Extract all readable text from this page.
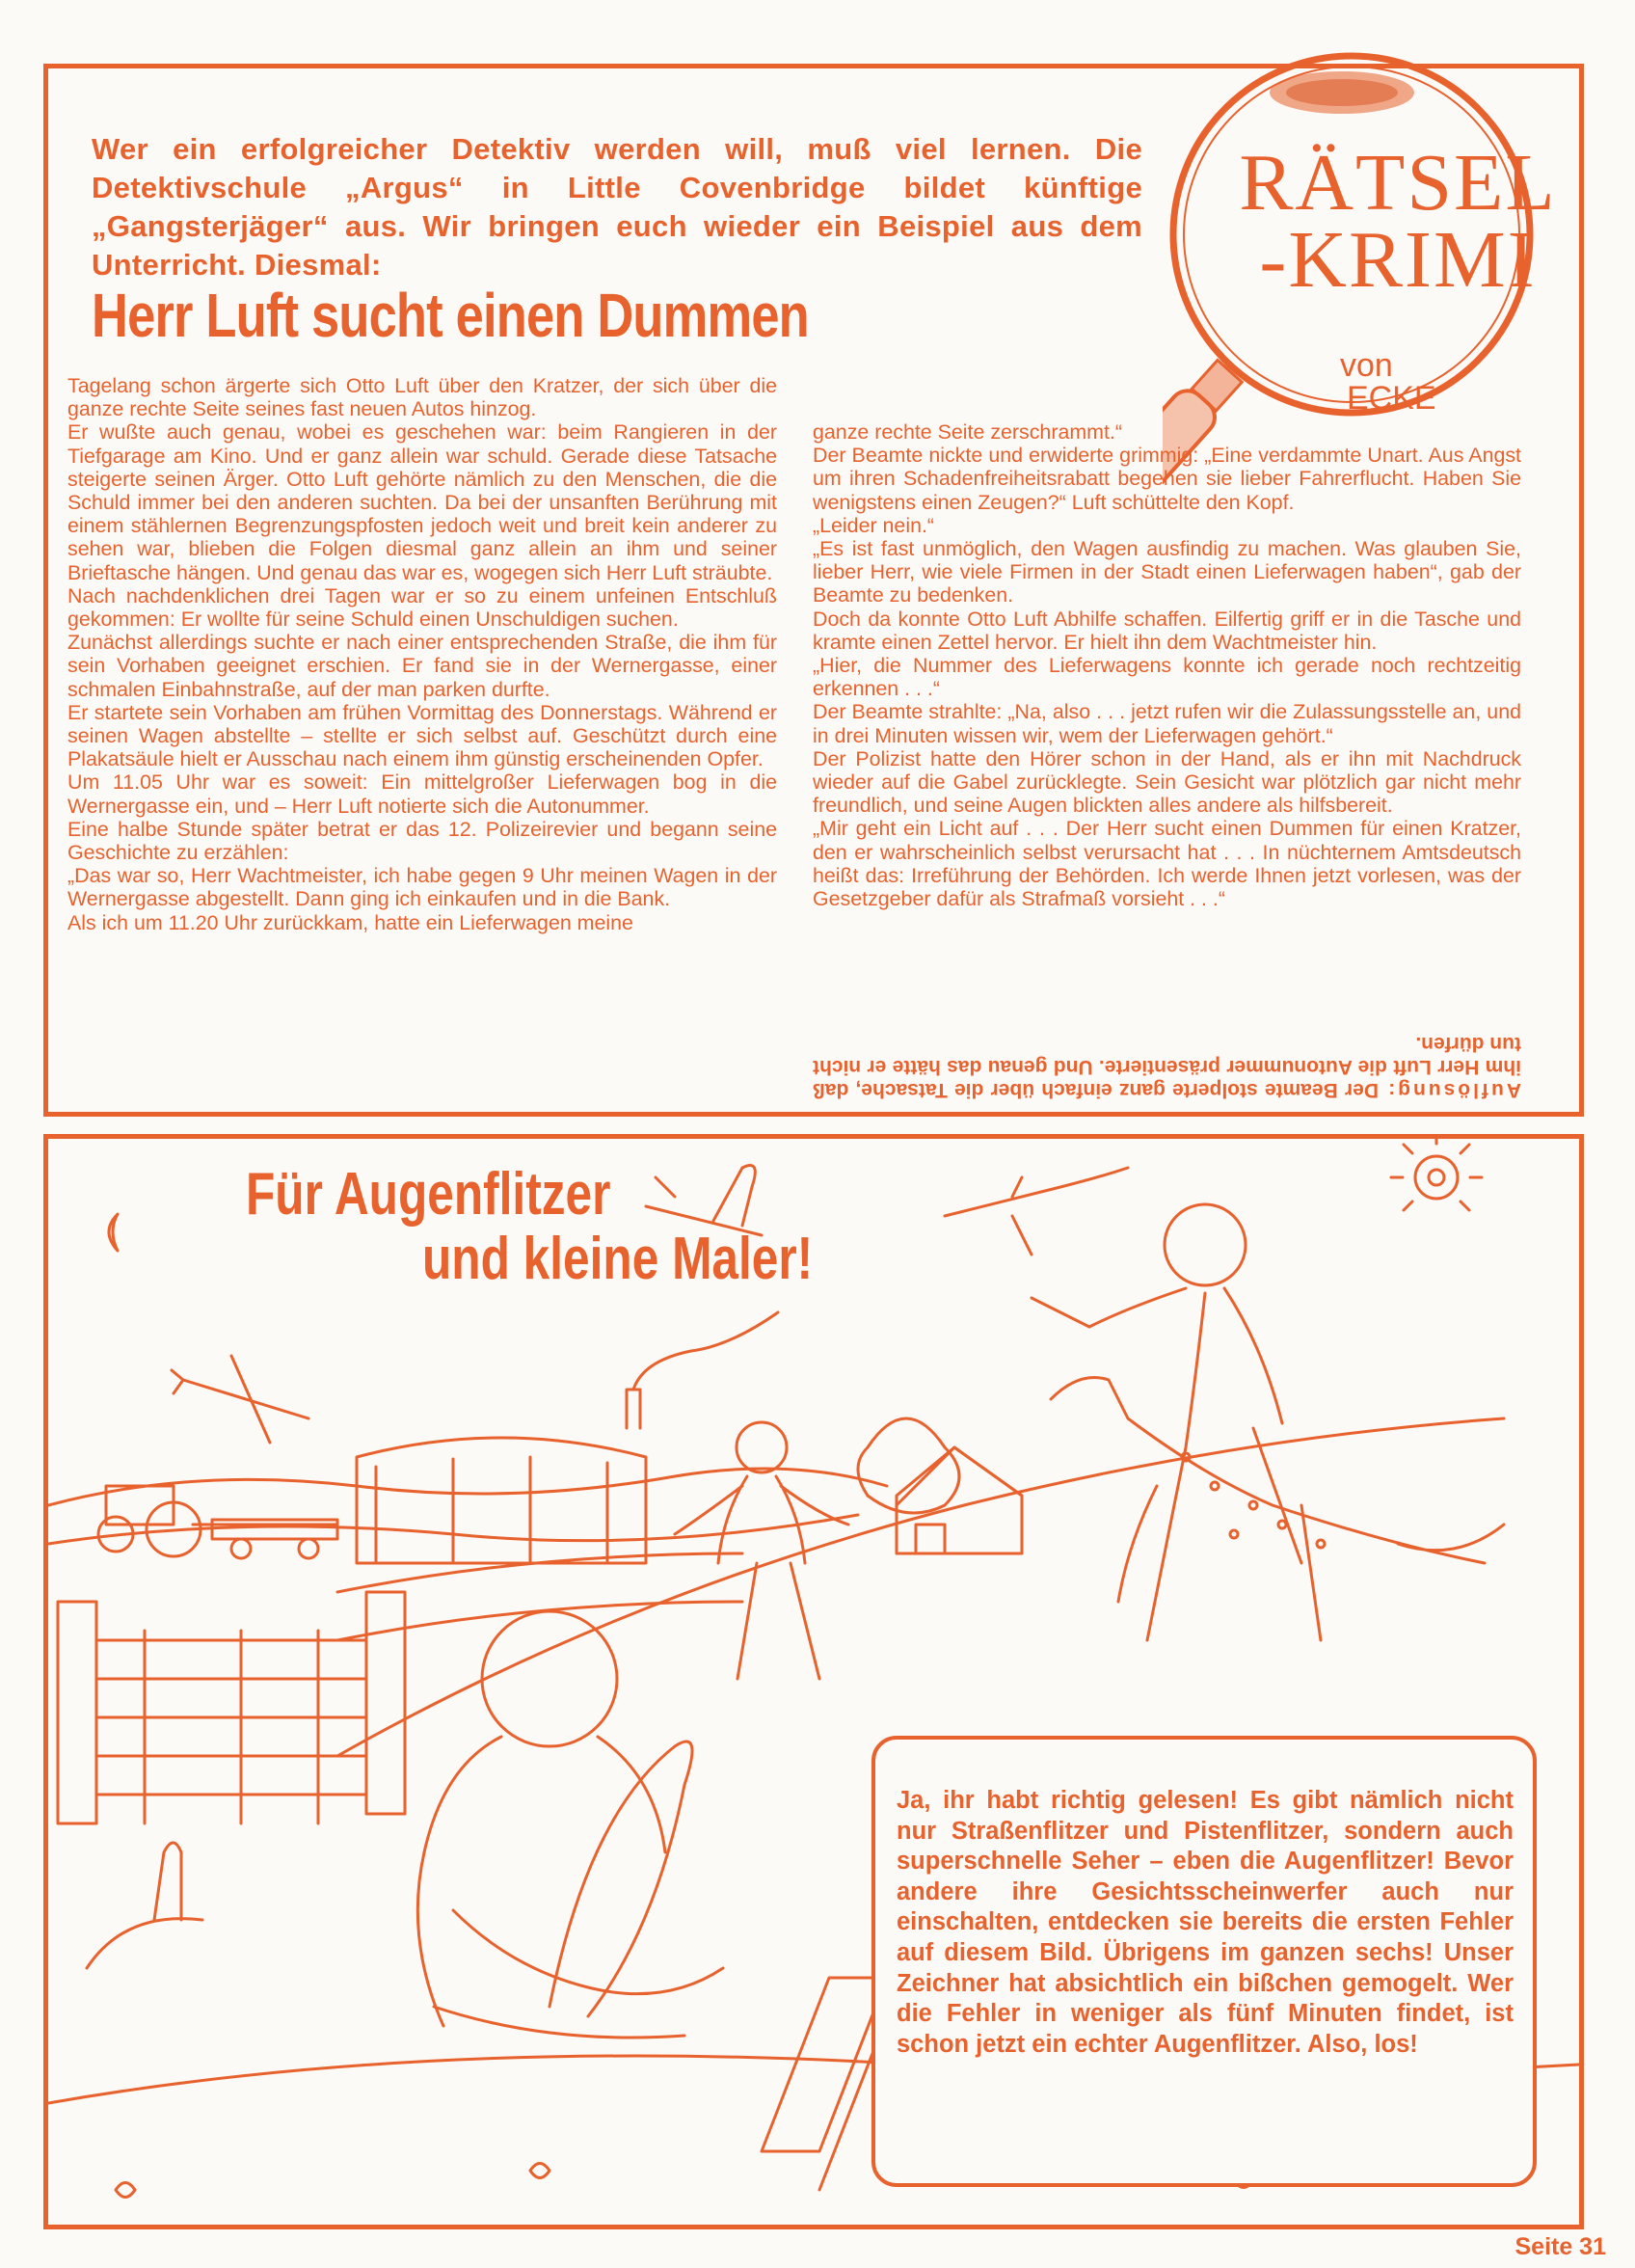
RÄTSEL
-KRIMI
von
ECKE
Wer ein erfolgreicher Detektiv werden will, muß viel lernen. Die Detektivschule „Argus“ in Little Covenbridge bildet künftige „Gangsterjäger“ aus. Wir bringen euch wieder ein Beispiel aus dem Unterricht. Diesmal:
Herr Luft sucht einen Dummen

Tagelang schon ärgerte sich Otto Luft über den Kratzer, der sich über die ganze rechte Seite seines fast neuen Autos hinzog.

Er wußte auch genau, wobei es geschehen war: beim Rangieren in der Tiefgarage am Kino. Und er ganz allein war schuld. Gerade diese Tatsache steigerte seinen Ärger. Otto Luft gehörte nämlich zu den Menschen, die die Schuld immer bei den anderen suchten. Da bei der unsanften Berührung mit einem stählernen Begrenzungspfosten jedoch weit und breit kein anderer zu sehen war, blieben die Folgen diesmal ganz allein an ihm und seiner Brieftasche hängen. Und genau das war es, wogegen sich Herr Luft sträubte.

Nach nachdenklichen drei Tagen war er so zu einem unfeinen Entschluß gekommen: Er wollte für seine Schuld einen Unschuldigen suchen.

Zunächst allerdings suchte er nach einer entsprechenden Straße, die ihm für sein Vorhaben geeignet erschien. Er fand sie in der Wernergasse, einer schmalen Einbahnstraße, auf der man parken durfte.

Er startete sein Vorhaben am frühen Vormittag des Donnerstags. Während er seinen Wagen abstellte – stellte er sich selbst auf. Geschützt durch eine Plakatsäule hielt er Ausschau nach einem ihm günstig erscheinenden Opfer.

Um 11.05 Uhr war es soweit: Ein mittelgroßer Lieferwagen bog in die Wernergasse ein, und – Herr Luft notierte sich die Autonummer.

Eine halbe Stunde später betrat er das 12. Polizeirevier und begann seine Geschichte zu erzählen:

„Das war so, Herr Wachtmeister, ich habe gegen 9 Uhr meinen Wagen in der Wernergasse abgestellt. Dann ging ich einkaufen und in die Bank.

Als ich um 11.20 Uhr zurückkam, hatte ein Lieferwagen meine

ganze rechte Seite zerschrammt.“

Der Beamte nickte und erwiderte grimmig: „Eine verdammte Unart. Aus Angst um ihren Schadenfreiheitsrabatt begehen sie lieber Fahrerflucht. Haben Sie wenigstens einen Zeugen?“ Luft schüttelte den Kopf.

„Leider nein.“

„Es ist fast unmöglich, den Wagen ausfindig zu machen. Was glauben Sie, lieber Herr, wie viele Firmen in der Stadt einen Lieferwagen haben“, gab der Beamte zu bedenken.

Doch da konnte Otto Luft Abhilfe schaffen. Eilfertig griff er in die Tasche und kramte einen Zettel hervor. Er hielt ihn dem Wachtmeister hin.

„Hier, die Nummer des Lieferwagens konnte ich gerade noch rechtzeitig erkennen . . .“

Der Beamte strahlte: „Na, also . . . jetzt rufen wir die Zulassungsstelle an, und in drei Minuten wissen wir, wem der Lieferwagen gehört.“

Der Polizist hatte den Hörer schon in der Hand, als er ihn mit Nachdruck wieder auf die Gabel zurücklegte. Sein Gesicht war plötzlich gar nicht mehr freundlich, und seine Augen blickten alles andere als hilfsbereit.

„Mir geht ein Licht auf . . . Der Herr sucht einen Dummen für einen Kratzer, den er wahrscheinlich selbst verursacht hat . . . In nüchternem Amtsdeutsch heißt das: Irreführung der Behörden. Ich werde Ihnen jetzt vorlesen, was der Gesetzgeber dafür als Strafmaß vorsieht . . .“

Auflösung: Der Beamte stolperte ganz einfach über die Tatsache, daß ihm Herr Luft die Autonummer präsentierte. Und genau das hätte er nicht tun dürfen.
Für Augenflitzer
und kleine Maler!
Ja, ihr habt richtig gelesen! Es gibt nämlich nicht nur Straßenflitzer und Pistenflitzer, sondern auch superschnelle Seher – eben die Augenflitzer! Bevor andere ihre Gesichtsscheinwerfer auch nur einschalten, entdecken sie bereits die ersten Fehler auf diesem Bild. Übrigens im ganzen sechs! Unser Zeichner hat absichtlich ein bißchen gemogelt. Wer die Fehler in weniger als fünf Minuten findet, ist schon jetzt ein echter Augenflitzer. Also, los!
Seite 31
